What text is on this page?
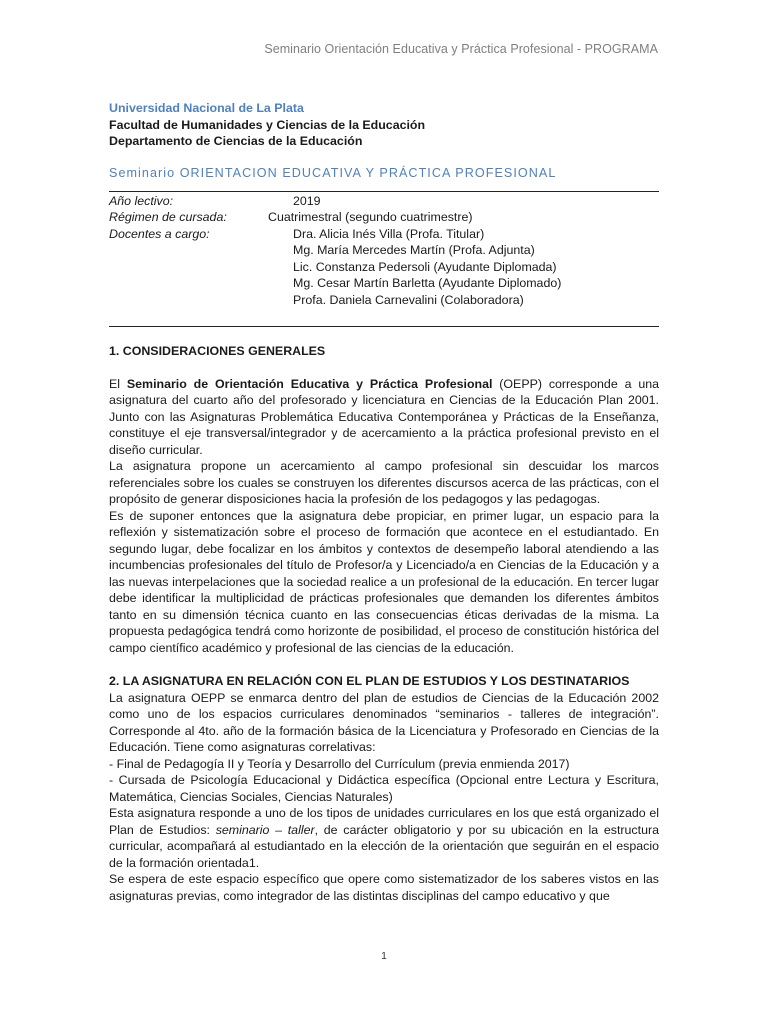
Seminario Orientación Educativa y Práctica Profesional - PROGRAMA
Universidad Nacional de La Plata
Facultad de Humanidades y Ciencias de la Educación
Departamento de Ciencias de la Educación
Seminario ORIENTACION EDUCATIVA Y PRÁCTICA PROFESIONAL
Año lectivo:	2019
Régimen de cursada:	Cuatrimestral (segundo cuatrimestre)
Docentes a cargo:	Dra. Alicia Inés Villa (Profa. Titular)
Mg. María Mercedes Martín (Profa. Adjunta)
Lic. Constanza Pedersoli (Ayudante Diplomada)
Mg. Cesar Martín Barletta (Ayudante Diplomado)
Profa. Daniela Carnevalini (Colaboradora)
1. CONSIDERACIONES GENERALES

El Seminario de Orientación Educativa y Práctica Profesional (OEPP) corresponde a una asignatura del cuarto año del profesorado y licenciatura en Ciencias de la Educación Plan 2001. Junto con las Asignaturas Problemática Educativa Contemporánea y Prácticas de la Enseñanza, constituye el eje transversal/integrador y de acercamiento a la práctica profesional previsto en el diseño curricular.

La asignatura propone un acercamiento al campo profesional sin descuidar los marcos referenciales sobre los cuales se construyen los diferentes discursos acerca de las prácticas, con el propósito de generar disposiciones hacia la profesión de los pedagogos y las pedagogas.

Es de suponer entonces que la asignatura debe propiciar, en primer lugar, un espacio para la reflexión y sistematización sobre el proceso de formación que acontece en el estudiantado. En segundo lugar, debe focalizar en los ámbitos y contextos de desempeño laboral atendiendo a las incumbencias profesionales del título de Profesor/a y Licenciado/a en Ciencias de la Educación y a las nuevas interpelaciones que la sociedad realice a un profesional de la educación. En tercer lugar debe identificar la multiplicidad de prácticas profesionales que demanden los diferentes ámbitos tanto en su dimensión técnica cuanto en las consecuencias éticas derivadas de la misma. La propuesta pedagógica tendrá como horizonte de posibilidad, el proceso de constitución histórica del campo científico académico y profesional de las ciencias de la educación.

2. LA ASIGNATURA EN RELACIÓN CON EL PLAN DE ESTUDIOS Y LOS DESTINATARIOS

La asignatura OEPP se enmarca dentro del plan de estudios de Ciencias de la Educación 2002 como uno de los espacios curriculares denominados “seminarios - talleres de integración”. Corresponde al 4to. año de la formación básica de la Licenciatura y Profesorado en Ciencias de la Educación. Tiene como asignaturas correlativas:

- Final de Pedagogía II y Teoría y Desarrollo del Currículum (previa enmienda 2017)

- Cursada de Psicología Educacional y Didáctica específica (Opcional entre Lectura y Escritura, Matemática, Ciencias Sociales, Ciencias Naturales)

Esta asignatura responde a uno de los tipos de unidades curriculares en los que está organizado el Plan de Estudios: seminario – taller, de carácter obligatorio y por su ubicación en la estructura curricular, acompañará al estudiantado en la elección de la orientación que seguirán en el espacio de la formación orientada1.

Se espera de este espacio específico que opere como sistematizador de los saberes vistos en las asignaturas previas, como integrador de las distintas disciplinas del campo educativo y que

1
